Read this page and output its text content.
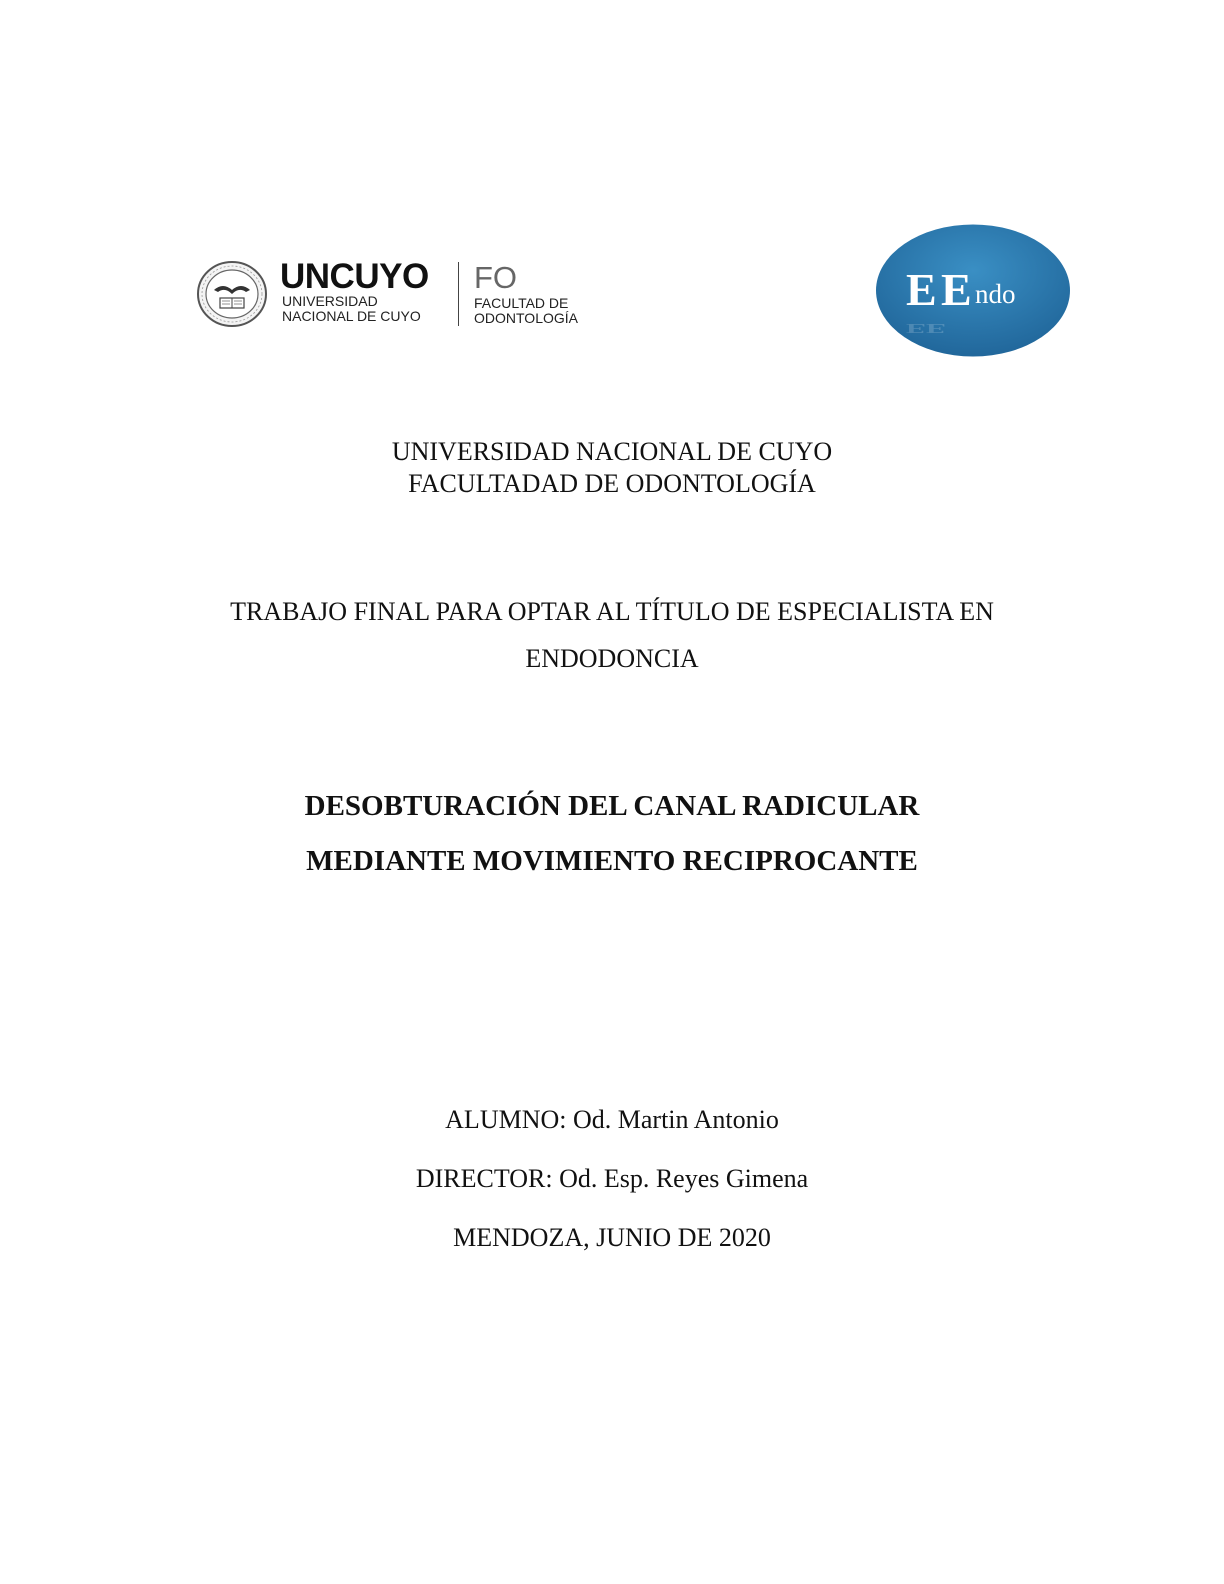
UNCUYO
UNIVERSIDAD
NACIONAL DE CUYO
FO
FACULTAD DE
ODONTOLOGÍA
E E ndo
EE
UNIVERSIDAD NACIONAL DE CUYO
FACULTADAD DE ODONTOLOGÍA
TRABAJO FINAL PARA OPTAR AL TÍTULO DE ESPECIALISTA EN
ENDODONCIA
DESOBTURACIÓN DEL CANAL RADICULAR
MEDIANTE MOVIMIENTO RECIPROCANTE
ALUMNO: Od. Martin Antonio
DIRECTOR: Od. Esp. Reyes Gimena
MENDOZA, JUNIO DE 2020
